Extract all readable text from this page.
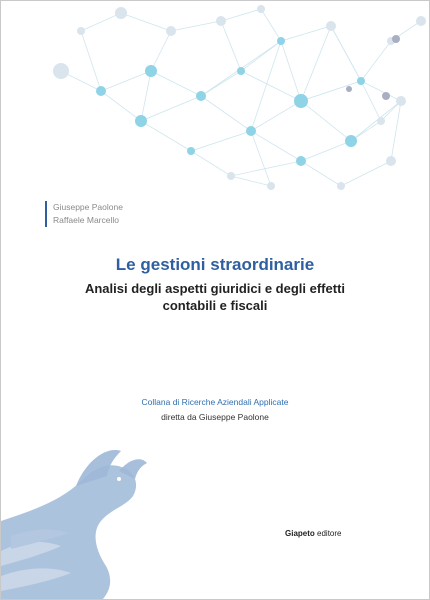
Giuseppe Paolone
Raffaele Marcello
Le gestioni straordinarie
Analisi degli aspetti giuridici e degli effetti
contabili e fiscali
Collana di Ricerche Aziendali Applicate
diretta da Giuseppe Paolone
Giapeto editore
